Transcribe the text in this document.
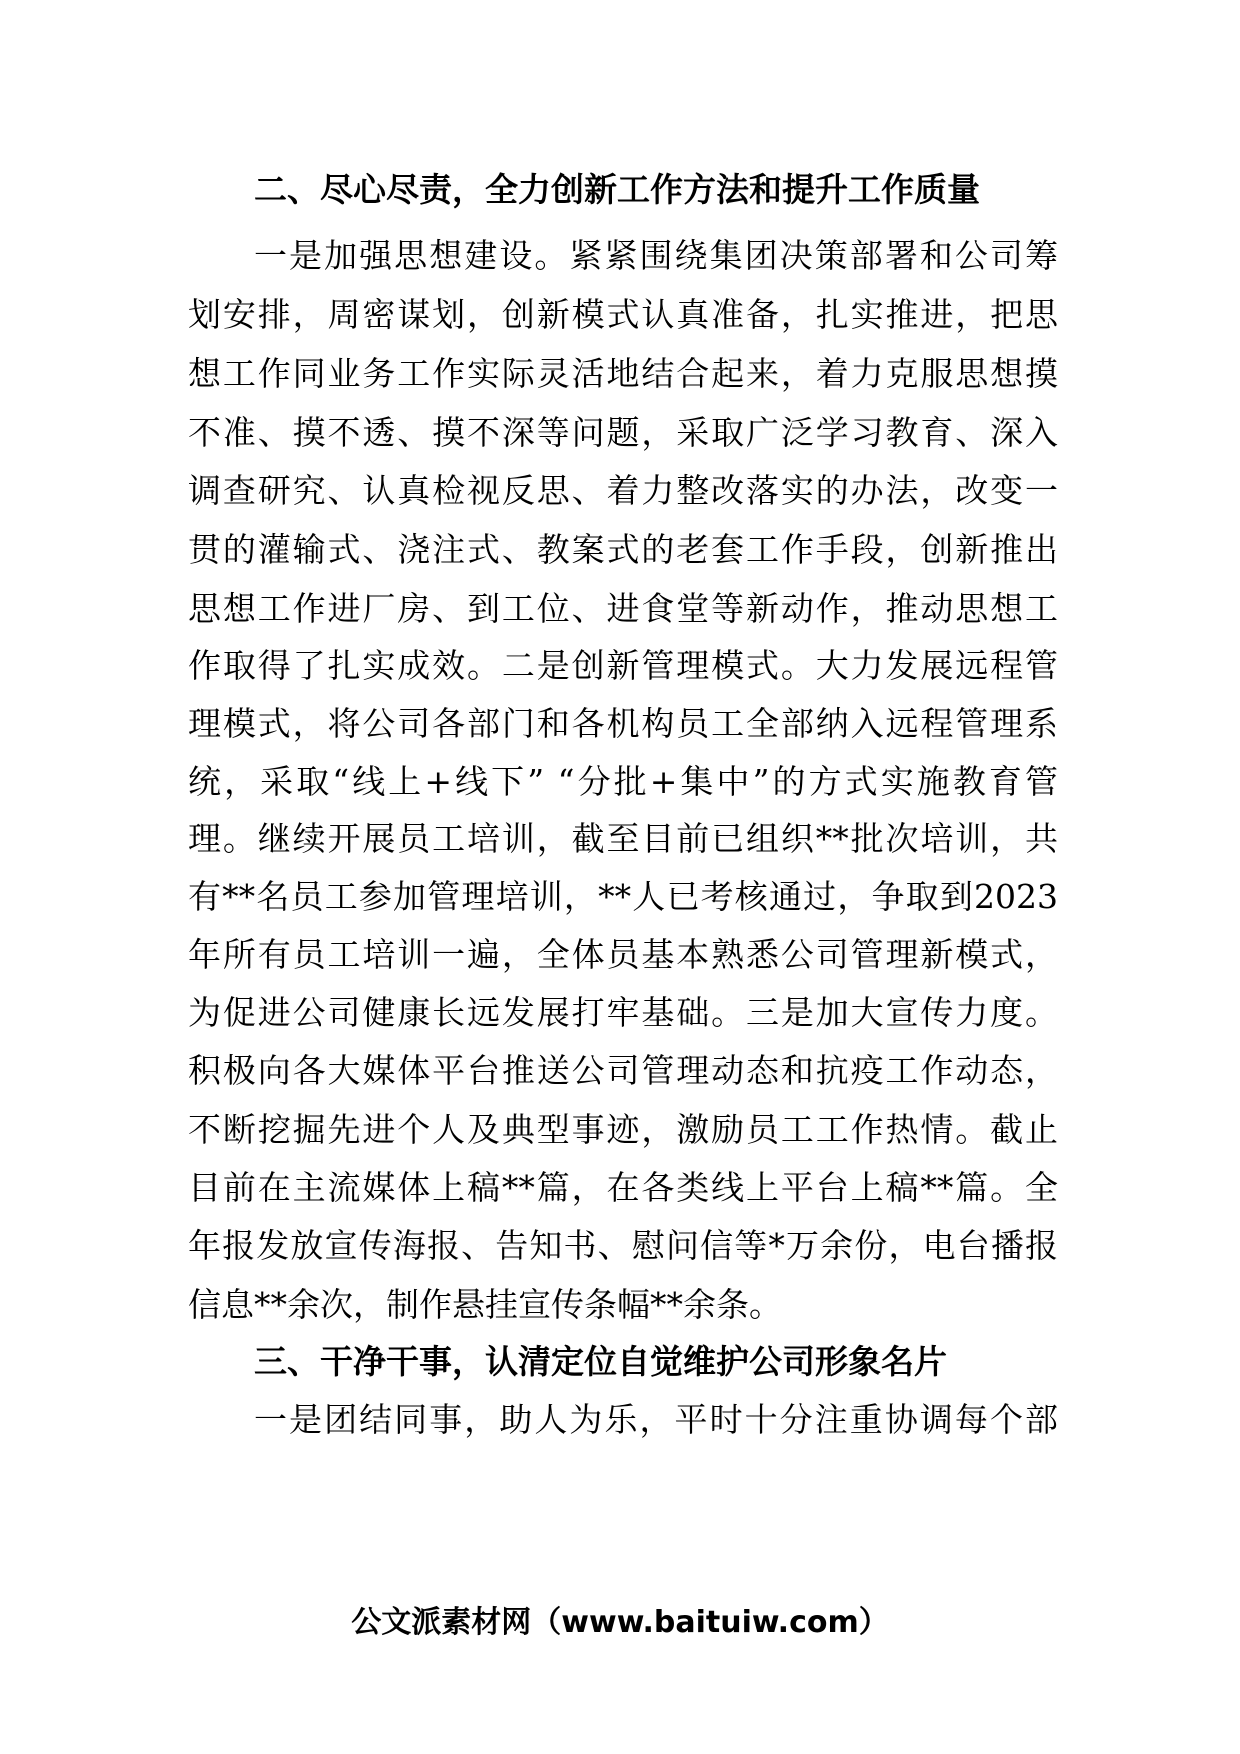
二、尽心尽责，全力创新工作方法和提升工作质量
一是加强思想建设。紧紧围绕集团决策部署和公司筹
划安排，周密谋划，创新模式认真准备，扎实推进，把思
想工作同业务工作实际灵活地结合起来，着力克服思想摸
不准、摸不透、摸不深等问题，采取广泛学习教育、深入
调查研究、认真检视反思、着力整改落实的办法，改变一
贯的灌输式、浇注式、教案式的老套工作手段，创新推出
思想工作进厂房、到工位、进食堂等新动作，推动思想工
作取得了扎实成效。二是创新管理模式。大力发展远程管
理模式，将公司各部门和各机构员工全部纳入远程管理系
统，采取“线上+线下” “分批+集中”的方式实施教育管
理。继续开展员工培训，截至目前已组织**批次培训，共
有**名员工参加管理培训，**人已考核通过，争取到2023
年所有员工培训一遍，全体员基本熟悉公司管理新模式，
为促进公司健康长远发展打牢基础。三是加大宣传力度。
积极向各大媒体平台推送公司管理动态和抗疫工作动态，
不断挖掘先进个人及典型事迹，激励员工工作热情。截止
目前在主流媒体上稿**篇，在各类线上平台上稿**篇。全
年报发放宣传海报、告知书、慰问信等*万余份，电台播报
信息**余次，制作悬挂宣传条幅**余条。
三、干净干事，认清定位自觉维护公司形象名片
一是团结同事，助人为乐，平时十分注重协调每个部
公文派素材网（www.baituiw.com）
